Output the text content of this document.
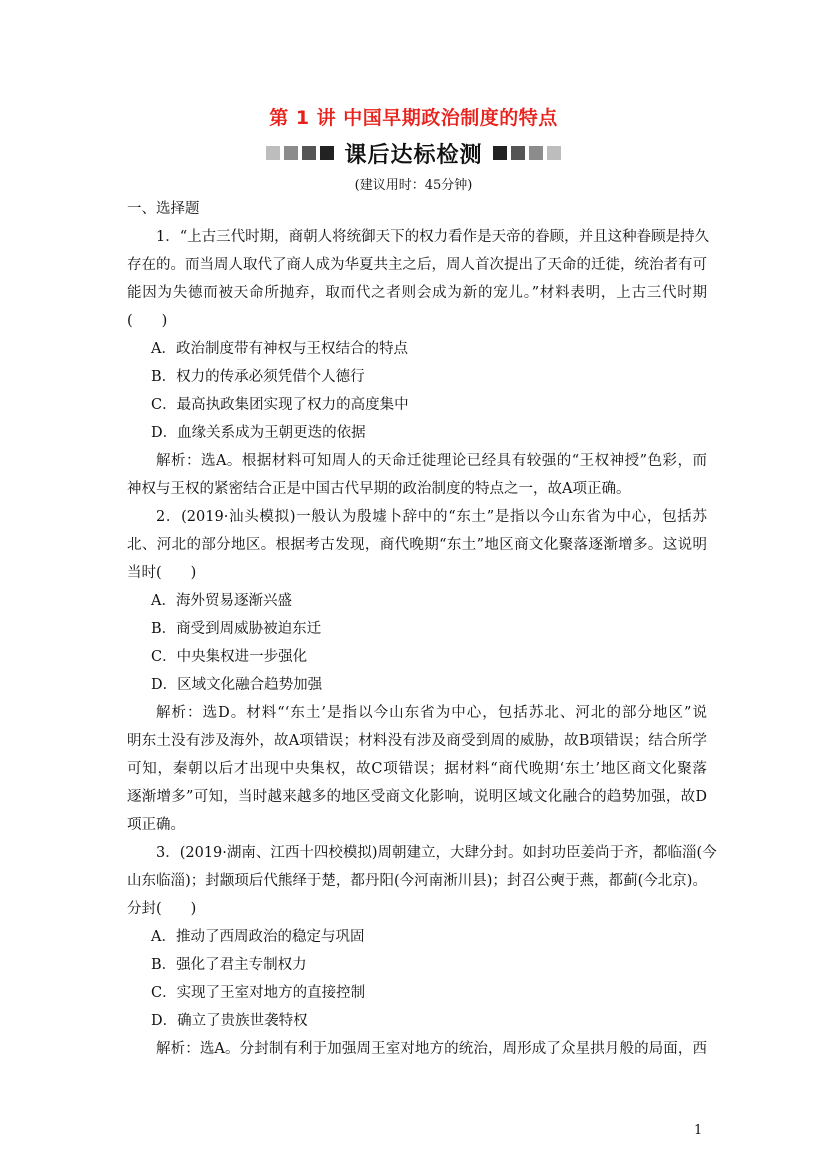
第 1 讲 中国早期政治制度的特点
课后达标检测
(建议用时：45分钟)
一、选择题
1．“上古三代时期，商朝人将统御天下的权力看作是天帝的眷顾，并且这种眷顾是持久
存在的。而当周人取代了商人成为华夏共主之后，周人首次提出了天命的迁徙，统治者有可
能因为失德而被天命所抛弃，取而代之者则会成为新的宠儿。”材料表明，上古三代时期
(　　)
A．政治制度带有神权与王权结合的特点
B．权力的传承必须凭借个人德行
C．最高执政集团实现了权力的高度集中
D．血缘关系成为王朝更迭的依据
解析：选A。根据材料可知周人的天命迁徙理论已经具有较强的“王权神授”色彩，而
神权与王权的紧密结合正是中国古代早期的政治制度的特点之一，故A项正确。
2．(2019·汕头模拟)一般认为殷墟卜辞中的“东土”是指以今山东省为中心，包括苏
北、河北的部分地区。根据考古发现，商代晚期“东土”地区商文化聚落逐渐增多。这说明
当时(　　)
A．海外贸易逐渐兴盛
B．商受到周威胁被迫东迁
C．中央集权进一步强化
D．区域文化融合趋势加强
解析：选D。材料“‘东土’是指以今山东省为中心，包括苏北、河北的部分地区”说
明东土没有涉及海外，故A项错误；材料没有涉及商受到周的威胁，故B项错误；结合所学
可知，秦朝以后才出现中央集权，故C项错误；据材料“商代晚期‘东土’地区商文化聚落
逐渐增多”可知，当时越来越多的地区受商文化影响，说明区域文化融合的趋势加强，故D
项正确。
3．(2019·湖南、江西十四校模拟)周朝建立，大肆分封。如封功臣姜尚于齐，都临淄(今
山东临淄)；封颛顼后代熊绎于楚，都丹阳(今河南淅川县)；封召公奭于燕，都蓟(今北京)。
分封(　　)
A．推动了西周政治的稳定与巩固
B．强化了君主专制权力
C．实现了王室对地方的直接控制
D．确立了贵族世袭特权
解析：选A。分封制有利于加强周王室对地方的统治，周形成了众星拱月般的局面，西
1
